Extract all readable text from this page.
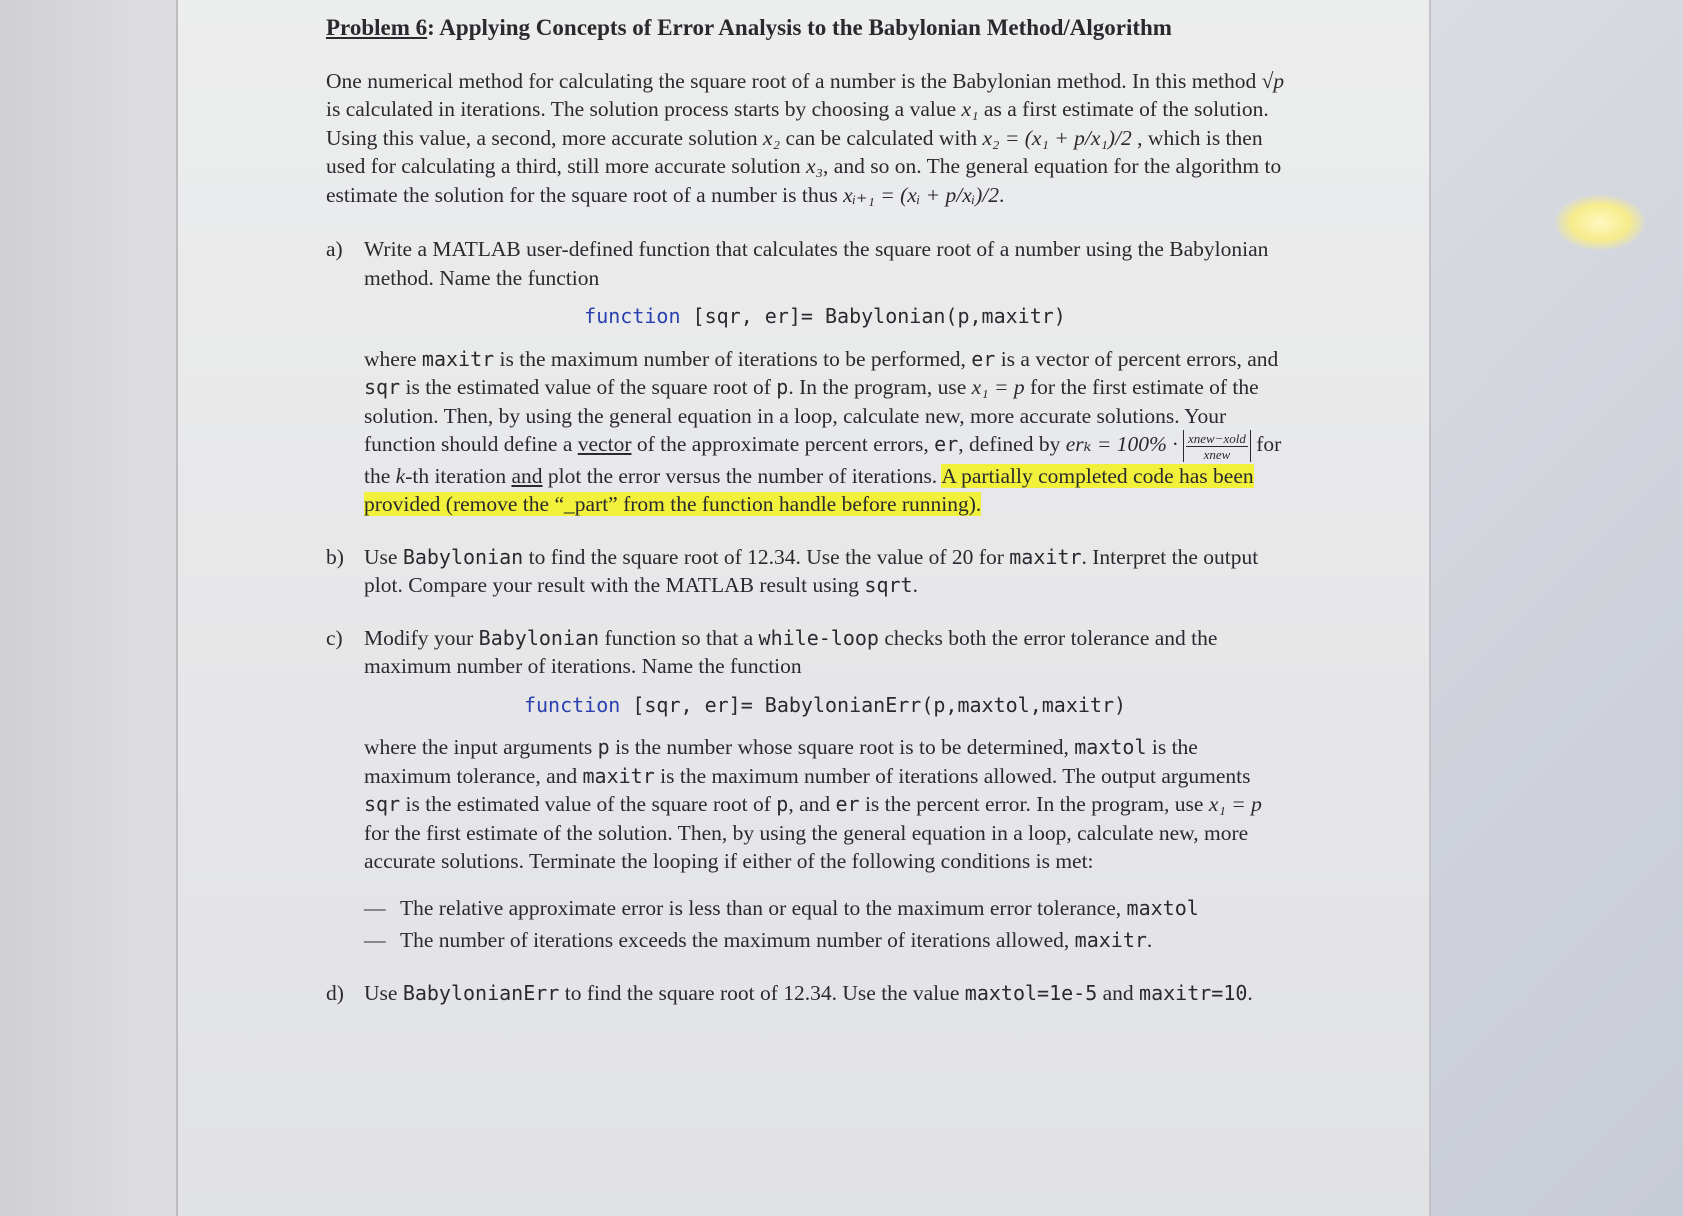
Problem 6: Applying Concepts of Error Analysis to the Babylonian Method/Algorithm

One numerical method for calculating the square root of a number is the Babylonian method. In this method √p is calculated in iterations. The solution process starts by choosing a value x₁ as a first estimate of the solution. Using this value, a second, more accurate solution x₂ can be calculated with x₂ = (x₁ + p/x₁)/2 , which is then used for calculating a third, still more accurate solution x₃, and so on. The general equation for the algorithm to estimate the solution for the square root of a number is thus xᵢ₊₁ = (xᵢ + p/xᵢ)/2.

a) Write a MATLAB user-defined function that calculates the square root of a number using the Babylonian method. Name the function

function [sqr, er]= Babylonian(p,maxitr)

where maxitr is the maximum number of iterations to be performed, er is a vector of percent errors, and sqr is the estimated value of the square root of p. In the program, use x₁ = p for the first estimate of the solution. Then, by using the general equation in a loop, calculate new, more accurate solutions. Your function should define a vector of the approximate percent errors, er, defined by $er_k = 100\% \cdot \frac{\text{xnew−xold}}{\text{xnew}}$ for the k-th iteration and plot the error versus the number of iterations. A partially completed code has been provided (remove the “_part” from the function handle before running).

b) Use Babylonian to find the square root of 12.34. Use the value of 20 for maxitr. Interpret the output plot. Compare your result with the MATLAB result using sqrt.

c) Modify your Babylonian function so that a while-loop checks both the error tolerance and the maximum number of iterations. Name the function

function [sqr, er]= BabylonianErr(p,maxtol,maxitr)

where the input arguments p is the number whose square root is to be determined, maxtol is the maximum tolerance, and maxitr is the maximum number of iterations allowed. The output arguments sqr is the estimated value of the square root of p, and er is the percent error. In the program, use x₁ = p for the first estimate of the solution. Then, by using the general equation in a loop, calculate new, more accurate solutions. Terminate the looping if either of the following conditions is met:

— The relative approximate error is less than or equal to the maximum error tolerance, maxtol
— The number of iterations exceeds the maximum number of iterations allowed, maxitr.
d) Use BabylonianErr to find the square root of 12.34. Use the value maxtol=1e-5 and maxitr=10.
